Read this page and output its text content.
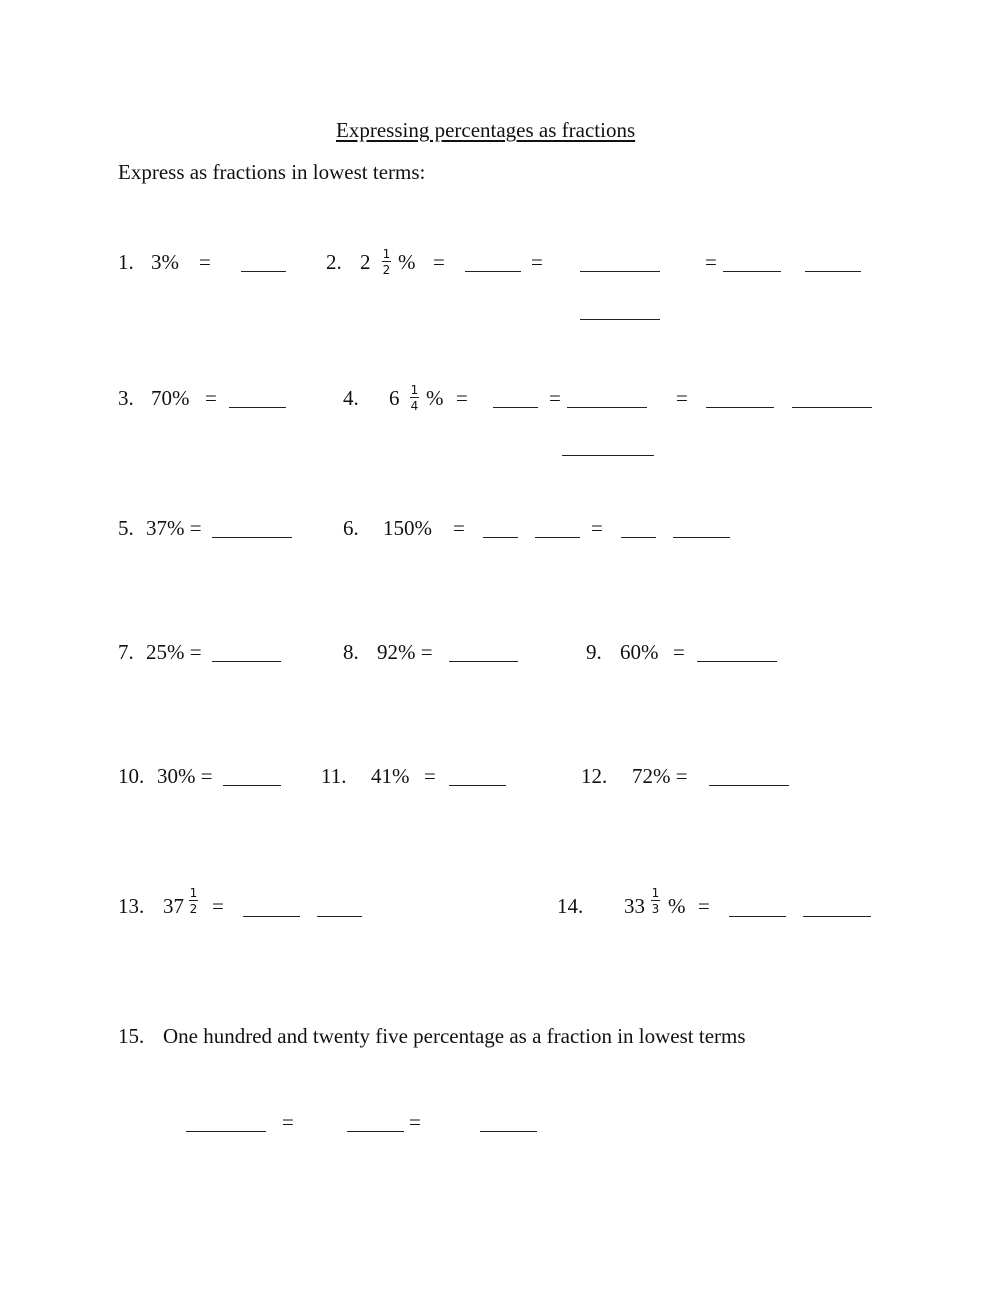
Expressing percentages as fractions
Express as fractions in lowest terms:
1. 3% =	2. 2 1
2 % =	=	=
3. 70% =	4. 6 1
4 % =	=	=
5. 37% =	6. 150% =	=
7. 25% =	8. 92% =	9. 60% =
10. 30% =	11. 41% =	12. 72% =
13. 37
1
2 =	14. 33
1
3 % =
15. One hundred and twenty five percentage as a fraction in lowest terms
=	=
